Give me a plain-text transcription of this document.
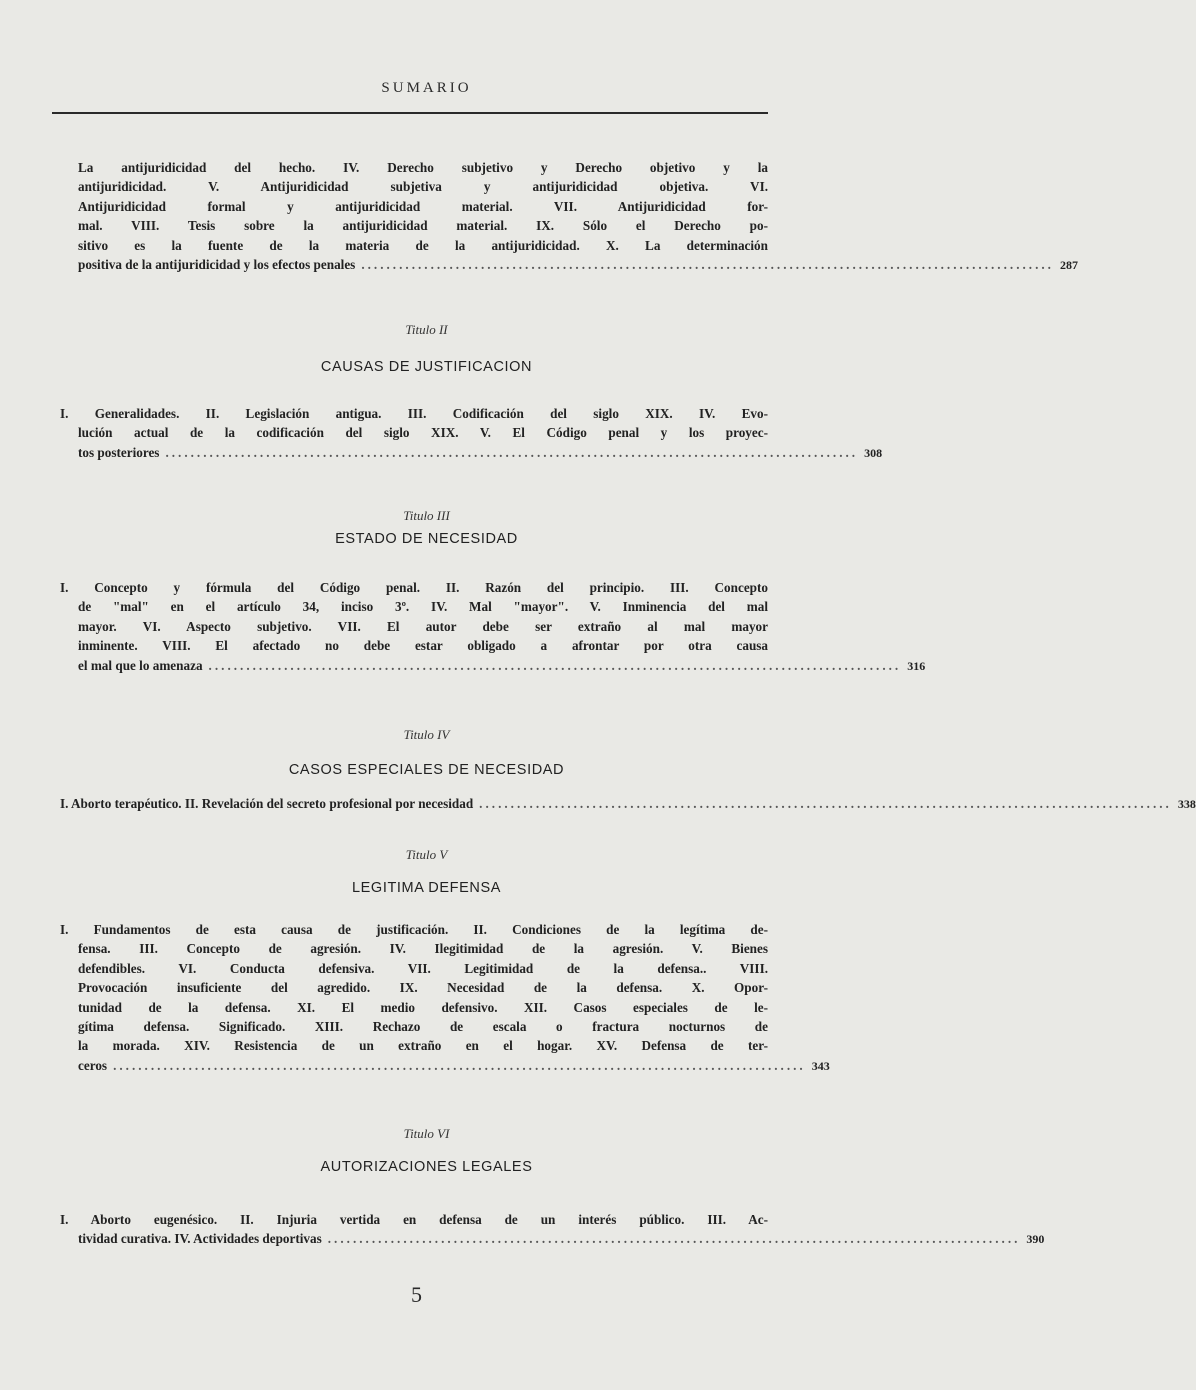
SUMARIO
La antijuridicidad del hecho. IV. Derecho subjetivo y Derecho objetivo y la
antijuridicidad. V. Antijuridicidad subjetiva y antijuridicidad objetiva. VI.
Antijuridicidad formal y antijuridicidad material. VII. Antijuridicidad for-
mal. VIII. Tesis sobre la antijuridicidad material. IX. Sólo el Derecho po-
sitivo es la fuente de la materia de la antijuridicidad. X. La determinación
positiva de la antijuridicidad y los efectos penales .............................................................................................................. 287
Titulo II
CAUSAS DE JUSTIFICACION
I. Generalidades. II. Legislación antigua. III. Codificación del siglo XIX. IV. Evo-
lución actual de la codificación del siglo XIX. V. El Código penal y los proyec-
tos posteriores .............................................................................................................. 308
Titulo III
ESTADO DE NECESIDAD
I. Concepto y fórmula del Código penal. II. Razón del principio. III. Concepto
de "mal" en el artículo 34, inciso 3º. IV. Mal "mayor". V. Inminencia del mal
mayor. VI. Aspecto subjetivo. VII. El autor debe ser extraño al mal mayor
inminente. VIII. El afectado no debe estar obligado a afrontar por otra causa
el mal que lo amenaza .............................................................................................................. 316
Titulo IV
CASOS ESPECIALES DE NECESIDAD
I. Aborto terapéutico. II. Revelación del secreto profesional por necesidad .............................................................................................................. 338
Titulo V
LEGITIMA DEFENSA
I. Fundamentos de esta causa de justificación. II. Condiciones de la legítima de-
fensa. III. Concepto de agresión. IV. Ilegitimidad de la agresión. V. Bienes
defendibles. VI. Conducta defensiva. VII. Legitimidad de la defensa.. VIII.
Provocación insuficiente del agredido. IX. Necesidad de la defensa. X. Opor-
tunidad de la defensa. XI. El medio defensivo. XII. Casos especiales de le-
gítima defensa. Significado. XIII. Rechazo de escala o fractura nocturnos de
la morada. XIV. Resistencia de un extraño en el hogar. XV. Defensa de ter-
ceros .............................................................................................................. 343
Titulo VI
AUTORIZACIONES LEGALES
I. Aborto eugenésico. II. Injuria vertida en defensa de un interés público. III. Ac-
tividad curativa. IV. Actividades deportivas .............................................................................................................. 390
5
